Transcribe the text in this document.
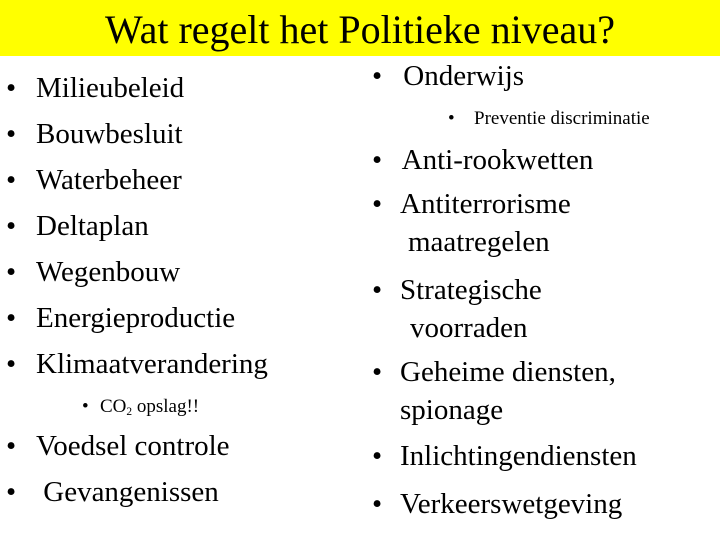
Wat regelt het Politieke niveau?
• Milieubeleid
• Bouwbesluit
• Waterbeheer
• Deltaplan
• Wegenbouw
• Energieproductie
• Klimaatverandering
• $CO_2$ opslag!!
• Voedsel controle
• Gevangenissen
• Onderwijs
• Preventie discriminatie
• Anti-rookwetten
• Antiterrorisme
maatregelen
• Strategische
voorraden
• Geheime diensten,
spionage
• Inlichtingendiensten
• Verkeerswetgeving
